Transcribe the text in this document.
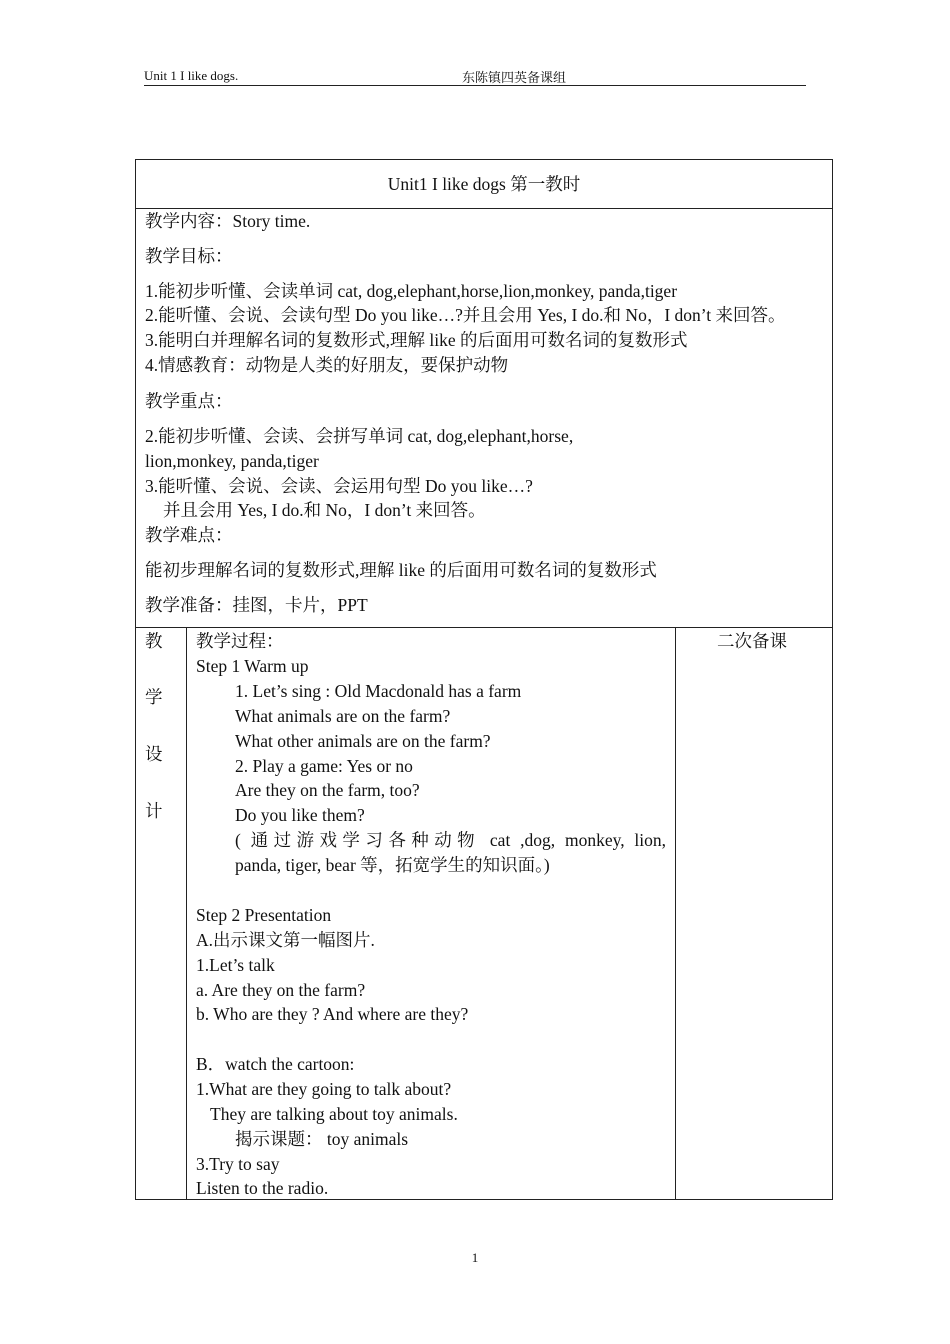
Unit 1 I like dogs.	东陈镇四英备课组
Unit1 I like dogs 第一教时
教学内容：Story time.
教学目标：
1.能初步听懂、会读单词 cat, dog,elephant,horse,lion,monkey, panda,tiger
2.能听懂、会说、会读句型 Do you like…?并且会用 Yes, I do.和 No，I don’t 来回答。
3.能明白并理解名词的复数形式,理解 like 的后面用可数名词的复数形式
4.情感教育：动物是人类的好朋友，要保护动物
教学重点：
2.能初步听懂、会读、会拼写单词 cat, dog,elephant,horse,
lion,monkey, panda,tiger
3.能听懂、会说、会读、会运用句型 Do you like…?
并且会用 Yes, I do.和 No，I don’t 来回答。
教学难点：
能初步理解名词的复数形式,理解 like 的后面用可数名词的复数形式
教学准备：挂图，卡片，PPT
教
学
设
计
二次备课
教学过程：
Step 1 Warm up
1. Let’s sing : Old Macdonald has a farm
What animals are on the farm?
What other animals are on the farm?
2. Play a game: Yes or no
Are they on the farm, too?
Do you like them?
( 通过游戏学习各种动物 cat ,dog, monkey, lion,
panda, tiger, bear 等，拓宽学生的知识面。)
Step 2 Presentation
A.出示课文第一幅图片.
1.Let’s talk
a. Are they on the farm?
b. Who are they ? And where are they?
B．watch the cartoon:
1.What are they going to talk about?
They are talking about toy animals.
揭示课题： toy animals
3.Try to say
Listen to the radio.
1
